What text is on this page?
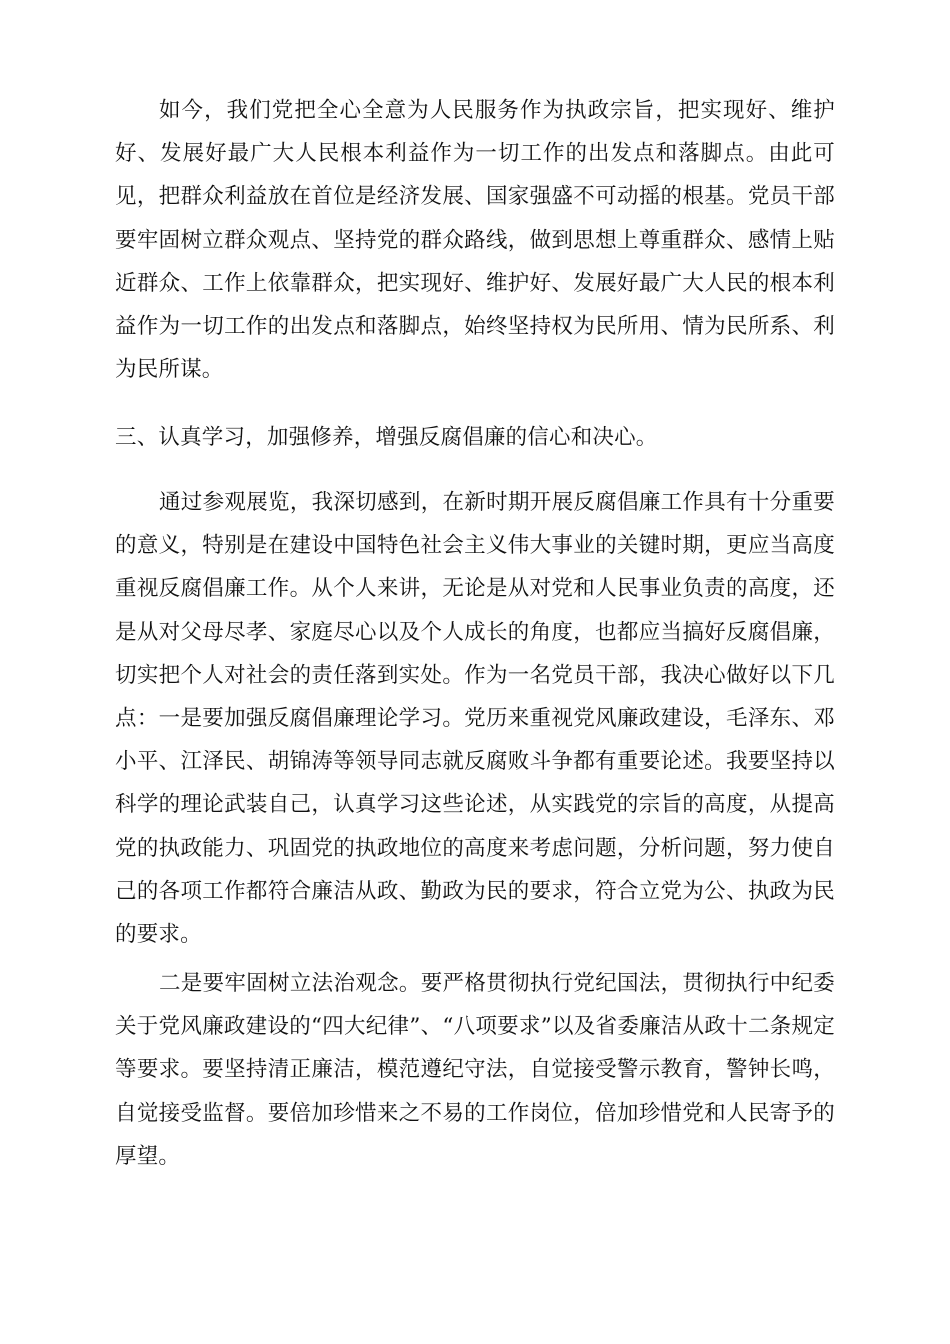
如今，我们党把全心全意为人民服务作为执政宗旨，把实现好、维护好、发展好最广大人民根本利益作为一切工作的出发点和落脚点。由此可见，把群众利益放在首位是经济发展、国家强盛不可动摇的根基。党员干部要牢固树立群众观点、坚持党的群众路线，做到思想上尊重群众、感情上贴近群众、工作上依靠群众，把实现好、维护好、发展好最广大人民的根本利益作为一切工作的出发点和落脚点，始终坚持权为民所用、情为民所系、利为民所谋。

三、认真学习，加强修养，增强反腐倡廉的信心和决心。

通过参观展览，我深切感到，在新时期开展反腐倡廉工作具有十分重要的意义，特别是在建设中国特色社会主义伟大事业的关键时期，更应当高度重视反腐倡廉工作。从个人来讲，无论是从对党和人民事业负责的高度，还是从对父母尽孝、家庭尽心以及个人成长的角度，也都应当搞好反腐倡廉，切实把个人对社会的责任落到实处。作为一名党员干部，我决心做好以下几点：一是要加强反腐倡廉理论学习。党历来重视党风廉政建设，毛泽东、邓小平、江泽民、胡锦涛等领导同志就反腐败斗争都有重要论述。我要坚持以科学的理论武装自己，认真学习这些论述，从实践党的宗旨的高度，从提高党的执政能力、巩固党的执政地位的高度来考虑问题，分析问题，努力使自己的各项工作都符合廉洁从政、勤政为民的要求，符合立党为公、执政为民的要求。

二是要牢固树立法治观念。要严格贯彻执行党纪国法，贯彻执行中纪委关于党风廉政建设的“四大纪律”、“八项要求”以及省委廉洁从政十二条规定等要求。要坚持清正廉洁，模范遵纪守法，自觉接受警示教育，警钟长鸣，自觉接受监督。要倍加珍惜来之不易的工作岗位，倍加珍惜党和人民寄予的厚望。
